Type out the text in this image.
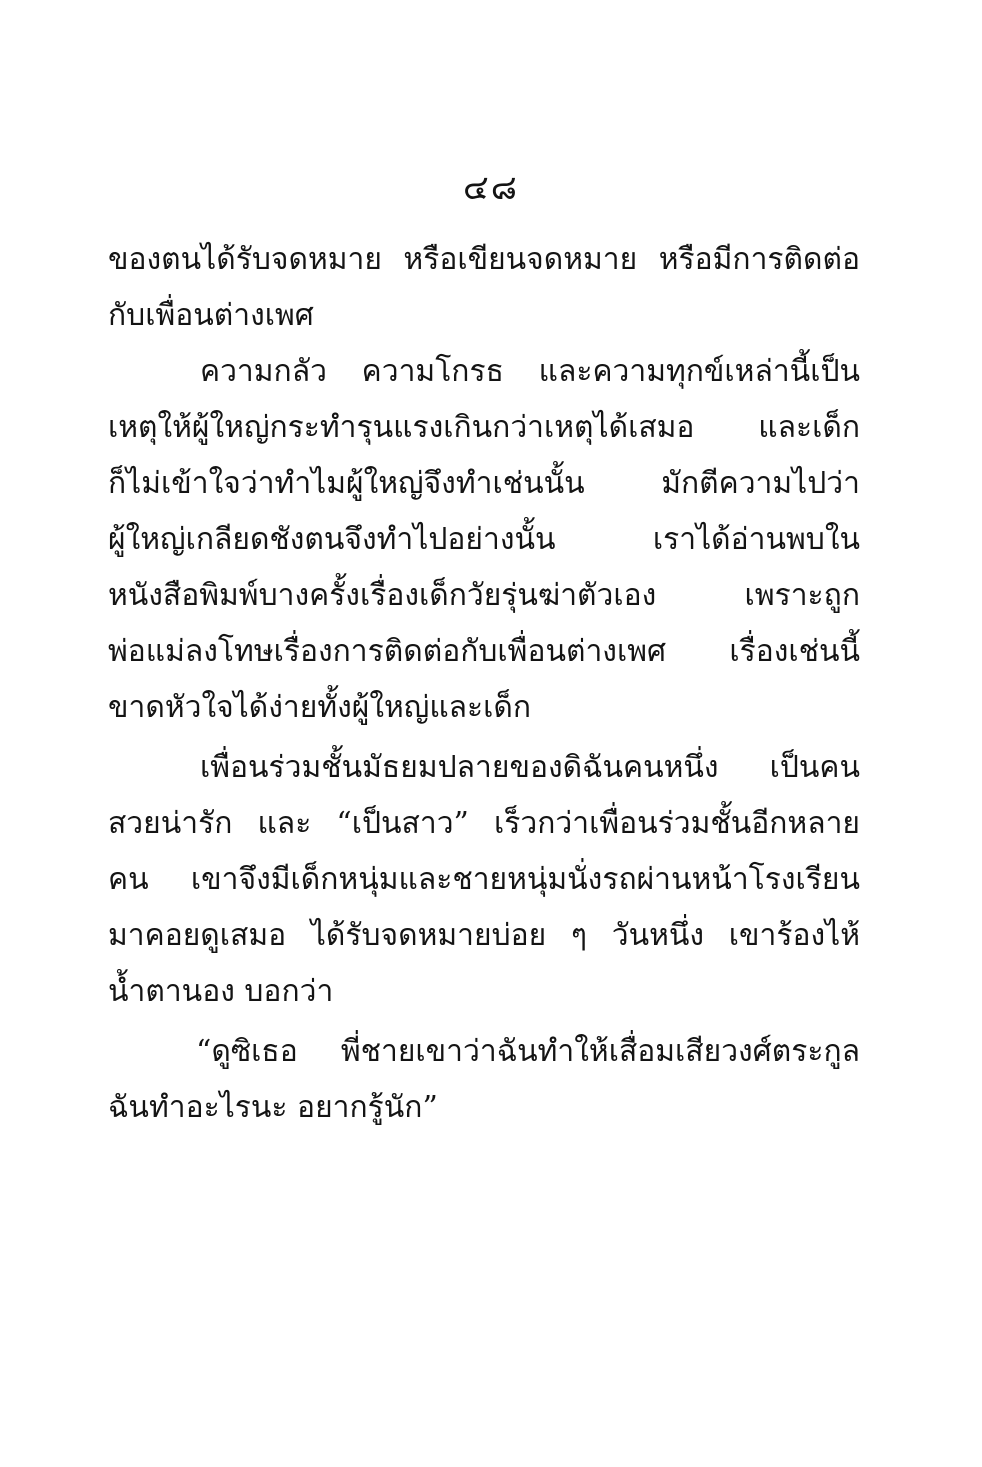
๔๘
ของตนได้รับจดหมาย หรือเขียนจดหมาย หรือมีการติดต่อ
กับเพื่อนต่างเพศ
ความกลัว ความโกรธ และความทุกข์เหล่านี้เป็น
เหตุให้ผู้ใหญ่กระทำรุนแรงเกินกว่าเหตุได้เสมอ และเด็ก
ก็ไม่เข้าใจว่าทำไมผู้ใหญ่จึงทำเช่นนั้น มักตีความไปว่า
ผู้ใหญ่เกลียดชังตนจึงทำไปอย่างนั้น เราได้อ่านพบใน
หนังสือพิมพ์บางครั้งเรื่องเด็กวัยรุ่นฆ่าตัวเอง เพราะถูก
พ่อแม่ลงโทษเรื่องการติดต่อกับเพื่อนต่างเพศ เรื่องเช่นนี้
ขาดหัวใจได้ง่ายทั้งผู้ใหญ่และเด็ก
เพื่อนร่วมชั้นมัธยมปลายของดิฉันคนหนึ่ง เป็นคน
สวยน่ารัก และ “เป็นสาว” เร็วกว่าเพื่อนร่วมชั้นอีกหลาย
คน เขาจึงมีเด็กหนุ่มและชายหนุ่มนั่งรถผ่านหน้าโรงเรียน
มาคอยดูเสมอ ได้รับจดหมายบ่อย ๆ วันหนึ่ง เขาร้องไห้
น้ำตานอง บอกว่า
“ดูซิเธอ พี่ชายเขาว่าฉันทำให้เสื่อมเสียวงศ์ตระกูล
ฉันทำอะไรนะ อยากรู้นัก”
